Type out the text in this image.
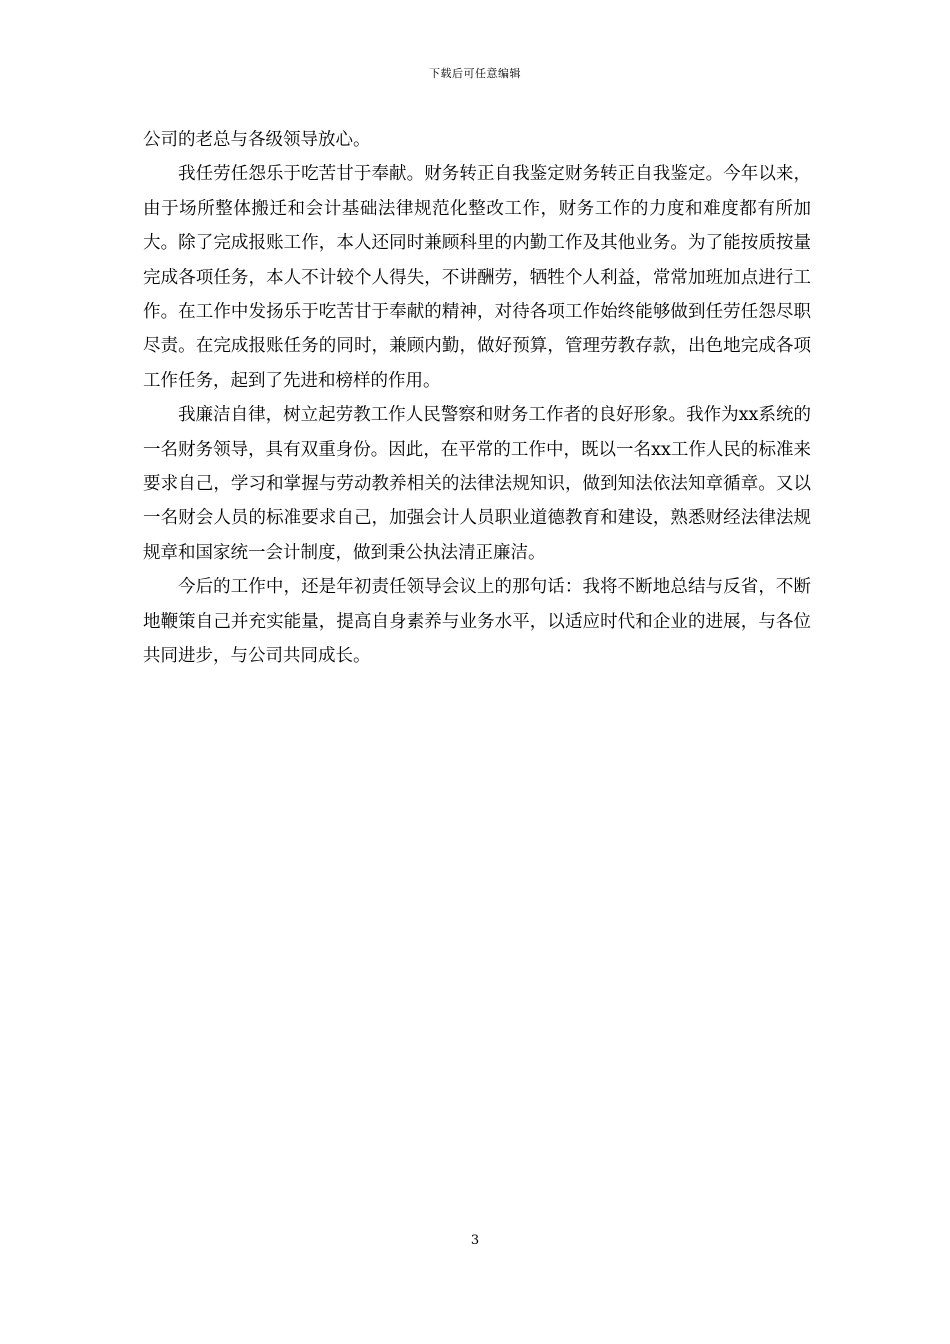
下载后可任意编辑

公司的老总与各级领导放心。

我任劳任怨乐于吃苦甘于奉献。财务转正自我鉴定财务转正自我鉴定。今年以来，由于场所整体搬迁和会计基础法律规范化整改工作，财务工作的力度和难度都有所加大。除了完成报账工作，本人还同时兼顾科里的内勤工作及其他业务。为了能按质按量完成各项任务，本人不计较个人得失，不讲酬劳，牺牲个人利益，常常加班加点进行工作。在工作中发扬乐于吃苦甘于奉献的精神，对待各项工作始终能够做到任劳任怨尽职尽责。在完成报账任务的同时，兼顾内勤，做好预算，管理劳教存款，出色地完成各项工作任务，起到了先进和榜样的作用。

我廉洁自律，树立起劳教工作人民警察和财务工作者的良好形象。我作为xx系统的一名财务领导，具有双重身份。因此，在平常的工作中，既以一名xx工作人民的标准来要求自己，学习和掌握与劳动教养相关的法律法规知识，做到知法依法知章循章。又以一名财会人员的标准要求自己，加强会计人员职业道德教育和建设，熟悉财经法律法规规章和国家统一会计制度，做到秉公执法清正廉洁。

今后的工作中，还是年初责任领导会议上的那句话：我将不断地总结与反省，不断地鞭策自己并充实能量，提高自身素养与业务水平，以适应时代和企业的进展，与各位共同进步，与公司共同成长。

3
